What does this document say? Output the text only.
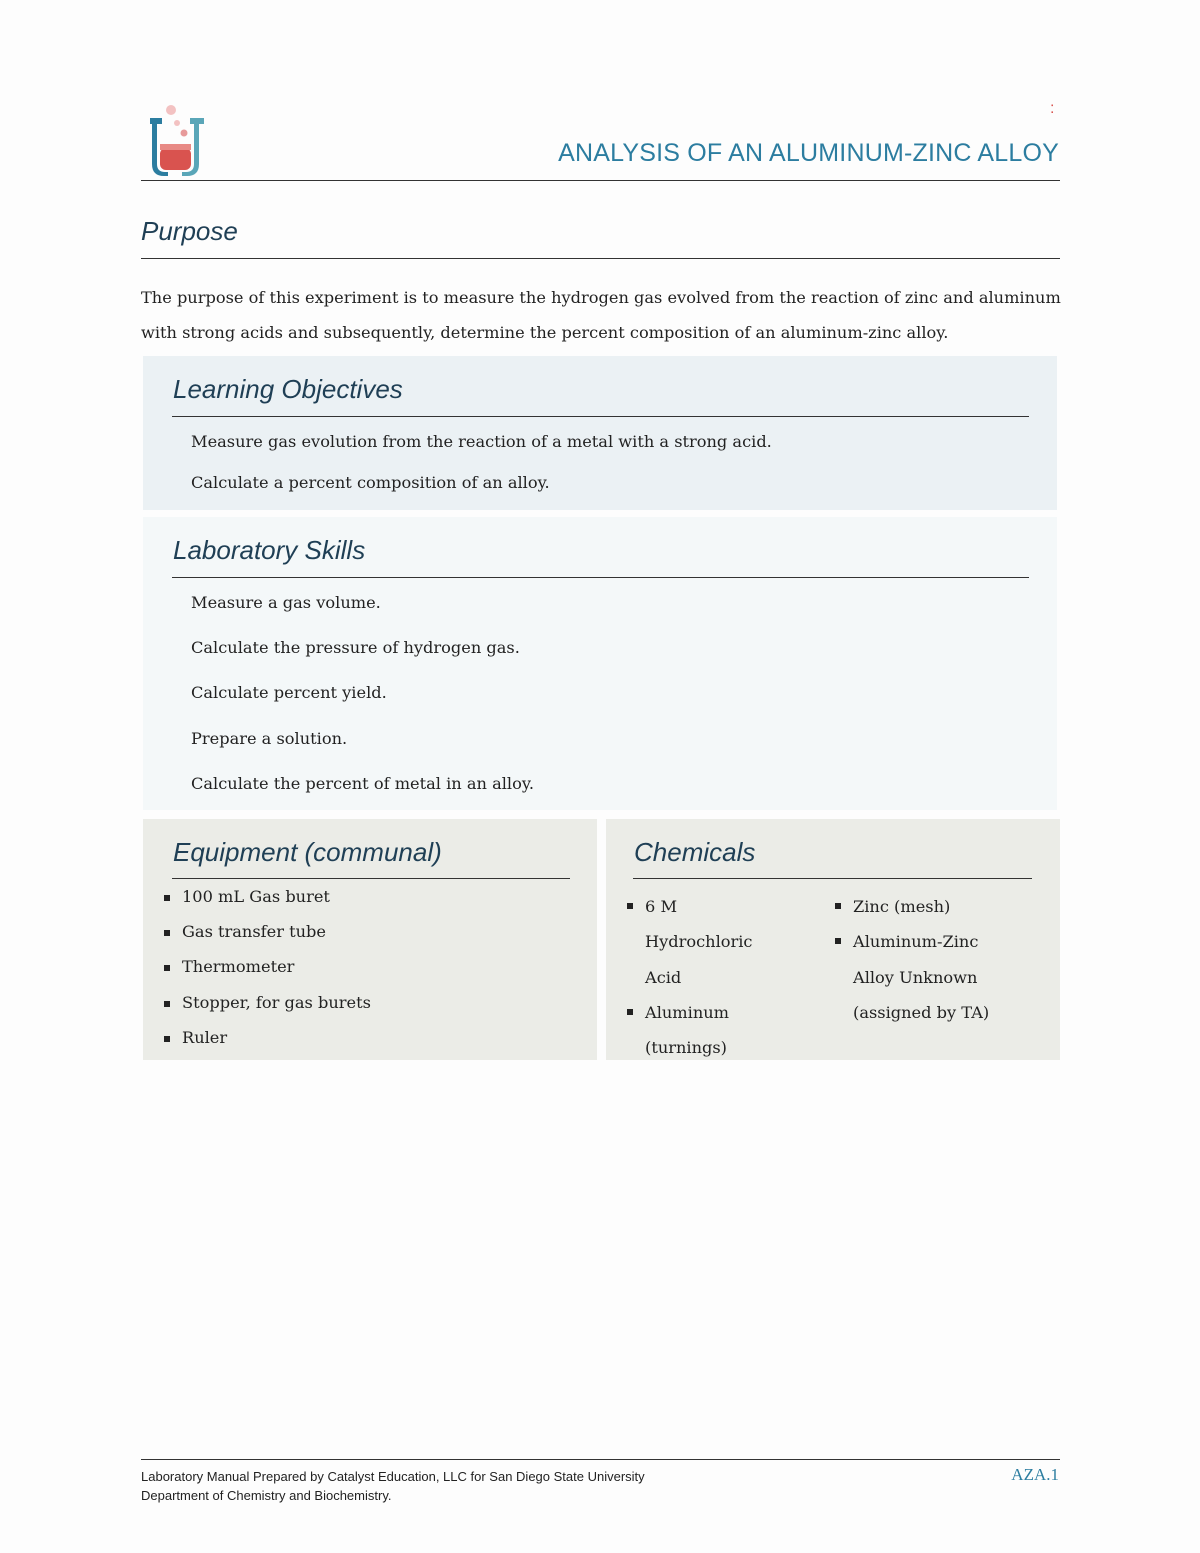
:
ANALYSIS OF AN ALUMINUM-ZINC ALLOY
Purpose

The purpose of this experiment is to measure the hydrogen gas evolved from the reaction of zinc and aluminum with strong acids and subsequently, determine the percent composition of an aluminum-zinc alloy.

Learning Objectives
Measure gas evolution from the reaction of a metal with a strong acid.
Calculate a percent composition of an alloy.
Laboratory Skills
Measure a gas volume.
Calculate the pressure of hydrogen gas.
Calculate percent yield.
Prepare a solution.
Calculate the percent of metal in an alloy.
Equipment (communal)
100 mL Gas buret
Gas transfer tube
Thermometer
Stopper, for gas burets
Ruler
Chemicals
6 M Hydrochloric Acid
Aluminum (turnings)
Zinc (mesh)
Aluminum-Zinc Alloy Unknown (assigned by TA)
Laboratory Manual Prepared by Catalyst Education, LLC for San Diego State University
Department of Chemistry and Biochemistry.
AZA.1
